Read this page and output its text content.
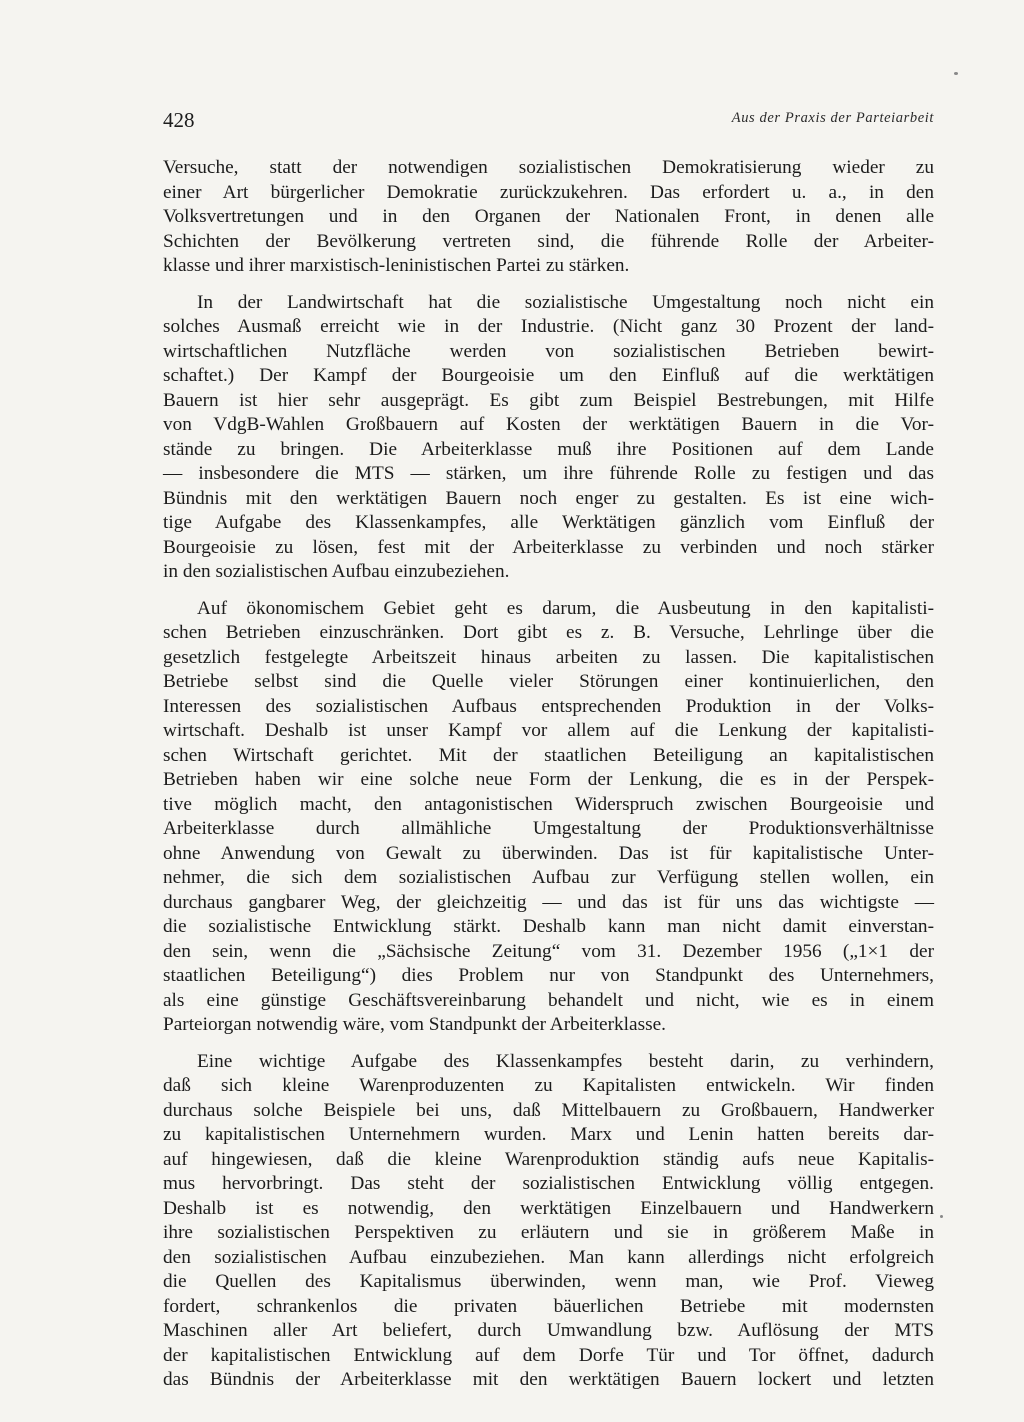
428	Aus der Praxis der Parteiarbeit

Versuche, statt der notwendigen sozialistischen Demokratisierung wieder zu
einer Art bürgerlicher Demokratie zurückzukehren. Das erfordert u. a., in den
Volksvertretungen und in den Organen der Nationalen Front, in denen alle
Schichten der Bevölkerung vertreten sind, die führende Rolle der Arbeiter-
klasse und ihrer marxistisch-leninistischen Partei zu stärken.

In der Landwirtschaft hat die sozialistische Umgestaltung noch nicht ein
solches Ausmaß erreicht wie in der Industrie. (Nicht ganz 30 Prozent der land-
wirtschaftlichen Nutzfläche werden von sozialistischen Betrieben bewirt-
schaftet.) Der Kampf der Bourgeoisie um den Einfluß auf die werktätigen
Bauern ist hier sehr ausgeprägt. Es gibt zum Beispiel Bestrebungen, mit Hilfe
von VdgB-Wahlen Großbauern auf Kosten der werktätigen Bauern in die Vor-
stände zu bringen. Die Arbeiterklasse muß ihre Positionen auf dem Lande
— insbesondere die MTS — stärken, um ihre führende Rolle zu festigen und das
Bündnis mit den werktätigen Bauern noch enger zu gestalten. Es ist eine wich-
tige Aufgabe des Klassenkampfes, alle Werktätigen gänzlich vom Einfluß der
Bourgeoisie zu lösen, fest mit der Arbeiterklasse zu verbinden und noch stärker
in den sozialistischen Aufbau einzubeziehen.

Auf ökonomischem Gebiet geht es darum, die Ausbeutung in den kapitalisti-
schen Betrieben einzuschränken. Dort gibt es z. B. Versuche, Lehrlinge über die
gesetzlich festgelegte Arbeitszeit hinaus arbeiten zu lassen. Die kapitalistischen
Betriebe selbst sind die Quelle vieler Störungen einer kontinuierlichen, den
Interessen des sozialistischen Aufbaus entsprechenden Produktion in der Volks-
wirtschaft. Deshalb ist unser Kampf vor allem auf die Lenkung der kapitalisti-
schen Wirtschaft gerichtet. Mit der staatlichen Beteiligung an kapitalistischen
Betrieben haben wir eine solche neue Form der Lenkung, die es in der Perspek-
tive möglich macht, den antagonistischen Widerspruch zwischen Bourgeoisie und
Arbeiterklasse durch allmähliche Umgestaltung der Produktionsverhältnisse
ohne Anwendung von Gewalt zu überwinden. Das ist für kapitalistische Unter-
nehmer, die sich dem sozialistischen Aufbau zur Verfügung stellen wollen, ein
durchaus gangbarer Weg, der gleichzeitig — und das ist für uns das wichtigste —
die sozialistische Entwicklung stärkt. Deshalb kann man nicht damit einverstan-
den sein, wenn die „Sächsische Zeitung“ vom 31. Dezember 1956 („1×1 der
staatlichen Beteiligung“) dies Problem nur von Standpunkt des Unternehmers,
als eine günstige Geschäftsvereinbarung behandelt und nicht, wie es in einem
Parteiorgan notwendig wäre, vom Standpunkt der Arbeiterklasse.

Eine wichtige Aufgabe des Klassenkampfes besteht darin, zu verhindern,
daß sich kleine Warenproduzenten zu Kapitalisten entwickeln. Wir finden
durchaus solche Beispiele bei uns, daß Mittelbauern zu Großbauern, Handwerker
zu kapitalistischen Unternehmern wurden. Marx und Lenin hatten bereits dar-
auf hingewiesen, daß die kleine Warenproduktion ständig aufs neue Kapitalis-
mus hervorbringt. Das steht der sozialistischen Entwicklung völlig entgegen.
Deshalb ist es notwendig, den werktätigen Einzelbauern und Handwerkern
ihre sozialistischen Perspektiven zu erläutern und sie in größerem Maße in
den sozialistischen Aufbau einzubeziehen. Man kann allerdings nicht erfolgreich
die Quellen des Kapitalismus überwinden, wenn man, wie Prof. Vieweg
fordert, schrankenlos die privaten bäuerlichen Betriebe mit modernsten
Maschinen aller Art beliefert, durch Umwandlung bzw. Auflösung der MTS
der kapitalistischen Entwicklung auf dem Dorfe Tür und Tor öffnet, dadurch
das Bündnis der Arbeiterklasse mit den werktätigen Bauern lockert und letzten
